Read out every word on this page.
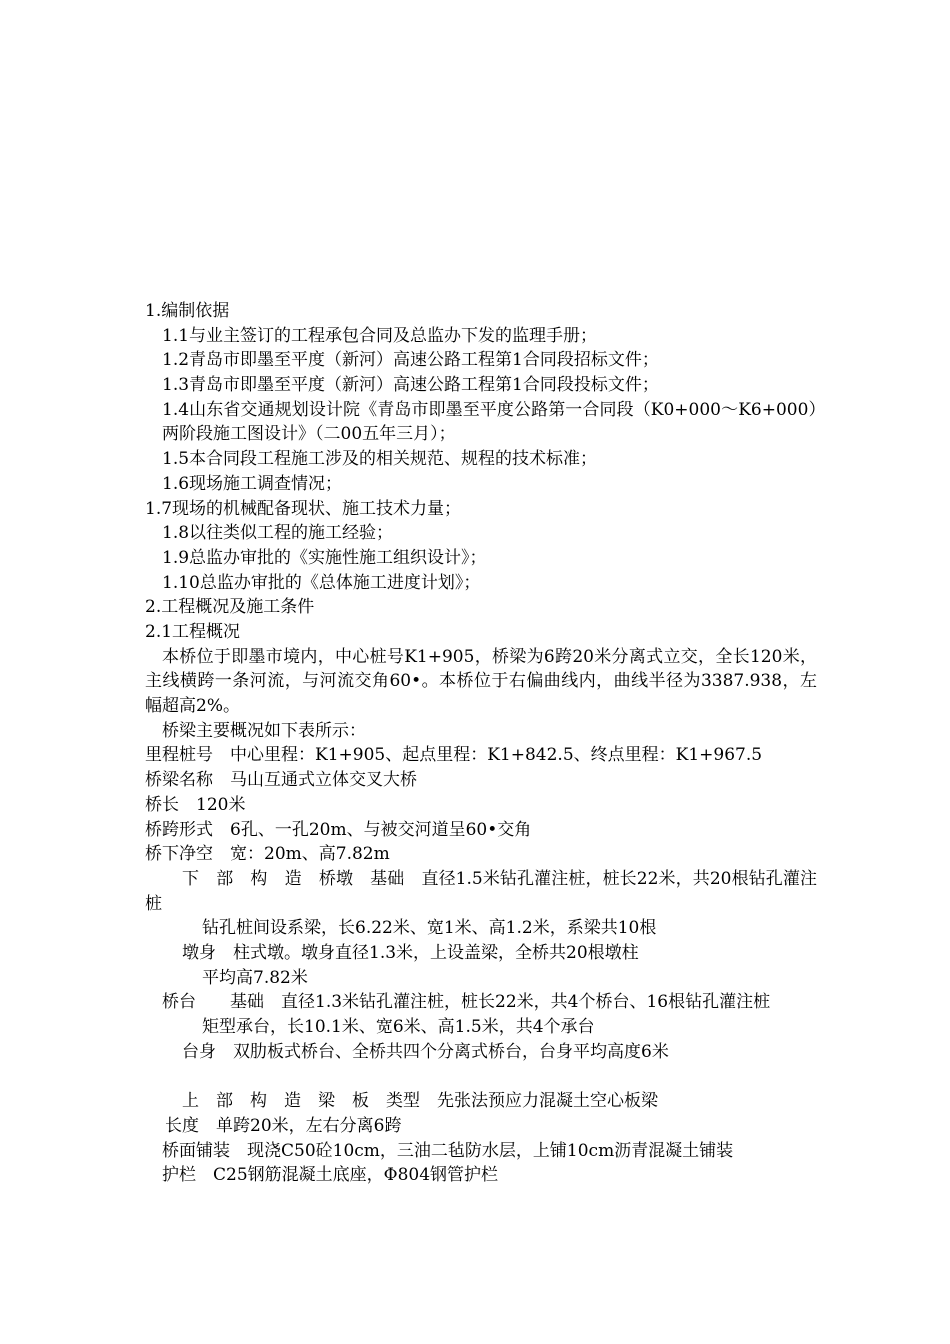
1.编制依据
1.1与业主签订的工程承包合同及总监办下发的监理手册；
1.2青岛市即墨至平度（新河）高速公路工程第1合同段招标文件；
1.3青岛市即墨至平度（新河）高速公路工程第1合同段投标文件；
1.4山东省交通规划设计院《青岛市即墨至平度公路第一合同段（K0+000～K6+000）两阶段施工图设计》（二00五年三月）；
1.5本合同段工程施工涉及的相关规范、规程的技术标准；
1.6现场施工调查情况；
1.7现场的机械配备现状、施工技术力量；
1.8以往类似工程的施工经验；
1.9总监办审批的《实施性施工组织设计》；
1.10总监办审批的《总体施工进度计划》；
2.工程概况及施工条件
2.1工程概况
本桥位于即墨市境内，中心桩号K1+905，桥梁为6跨20米分离式立交，全长120米，主线横跨一条河流，与河流交角60•。本桥位于右偏曲线内，曲线半径为3387.938，左幅超高2%。
桥梁主要概况如下表所示：
里程桩号　中心里程：K1+905、起点里程：K1+842.5、终点里程：K1+967.5
桥梁名称　马山互通式立体交叉大桥
桥长　120米
桥跨形式　6孔、一孔20m、与被交河道呈60•交角
桥下净空　宽：20m、高7.82m
下　部　构　造　桥墩　基础　直径1.5米钻孔灌注桩，桩长22米，共20根钻孔灌注桩
钻孔桩间设系梁，长6.22米、宽1米、高1.2米，系梁共10根
墩身　柱式墩。墩身直径1.3米，上设盖梁，全桥共20根墩柱
平均高7.82米
桥台　　基础　直径1.3米钻孔灌注桩，桩长22米，共4个桥台、16根钻孔灌注桩
矩型承台，长10.1米、宽6米、高1.5米，共4个承台
台身　双肋板式桥台、全桥共四个分离式桥台，台身平均高度6米
上　部　构　造　梁　板　类型　先张法预应力混凝土空心板梁
长度　单跨20米，左右分离6跨
桥面铺装　现浇C50砼10cm，三油二毡防水层，上铺10cm沥青混凝土铺装
护栏　C25钢筋混凝土底座，Φ804钢管护栏
